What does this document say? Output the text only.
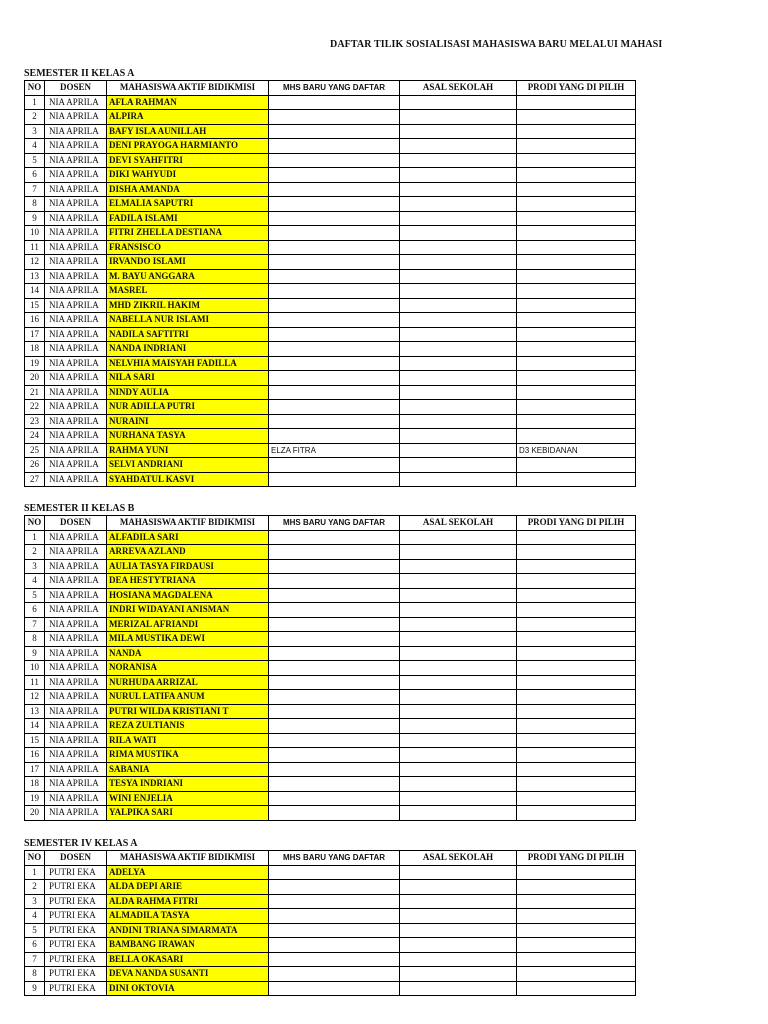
DAFTAR TILIK SOSIALISASI MAHASISWA BARU MELALUI MAHASI
SEMESTER II KELAS A
NO	DOSEN	MAHASISWA AKTIF BIDIKMISI	MHS BARU YANG DAFTAR	ASAL SEKOLAH	PRODI YANG DI PILIH
1	NIA APRILA	AFLA RAHMAN			
2	NIA APRILA	ALPIRA			
3	NIA APRILA	BAFY ISLA AUNILLAH			
4	NIA APRILA	DENI PRAYOGA HARMIANTO			
5	NIA APRILA	DEVI SYAHFITRI			
6	NIA APRILA	DIKI WAHYUDI			
7	NIA APRILA	DISHA AMANDA			
8	NIA APRILA	ELMALIA SAPUTRI			
9	NIA APRILA	FADILA ISLAMI			
10	NIA APRILA	FITRI ZHELLA DESTIANA			
11	NIA APRILA	FRANSISCO			
12	NIA APRILA	IRVANDO ISLAMI			
13	NIA APRILA	M. BAYU ANGGARA			
14	NIA APRILA	MASREL			
15	NIA APRILA	MHD ZIKRIL HAKIM			
16	NIA APRILA	NABELLA NUR ISLAMI			
17	NIA APRILA	NADILA SAFTITRI			
18	NIA APRILA	NANDA INDRIANI			
19	NIA APRILA	NELVHIA MAISYAH FADILLA			
20	NIA APRILA	NILA SARI			
21	NIA APRILA	NINDY AULIA			
22	NIA APRILA	NUR ADILLA PUTRI			
23	NIA APRILA	NURAINI			
24	NIA APRILA	NURHANA TASYA			
25	NIA APRILA	RAHMA YUNI	ELZA FITRA		D3 KEBIDANAN
26	NIA APRILA	SELVI ANDRIANI			
27	NIA APRILA	SYAHDATUL KASVI			
SEMESTER II KELAS B
NO	DOSEN	MAHASISWA AKTIF BIDIKMISI	MHS BARU YANG DAFTAR	ASAL SEKOLAH	PRODI YANG DI PILIH
1	NIA APRILA	ALFADILA SARI			
2	NIA APRILA	ARREVA AZLAND			
3	NIA APRILA	AULIA TASYA FIRDAUSI			
4	NIA APRILA	DEA HESTYTRIANA			
5	NIA APRILA	HOSIANA MAGDALENA			
6	NIA APRILA	INDRI WIDAYANI ANISMAN			
7	NIA APRILA	MERIZAL AFRIANDI			
8	NIA APRILA	MILA MUSTIKA DEWI			
9	NIA APRILA	NANDA			
10	NIA APRILA	NORANISA			
11	NIA APRILA	NURHUDA ARRIZAL			
12	NIA APRILA	NURUL LATIFA ANUM			
13	NIA APRILA	PUTRI WILDA KRISTIANI T			
14	NIA APRILA	REZA ZULTIANIS			
15	NIA APRILA	RILA WATI			
16	NIA APRILA	RIMA MUSTIKA			
17	NIA APRILA	SABANIA			
18	NIA APRILA	TESYA INDRIANI			
19	NIA APRILA	WINI ENJELIA			
20	NIA APRILA	YALPIKA SARI			
SEMESTER IV KELAS A
NO	DOSEN	MAHASISWA AKTIF BIDIKMISI	MHS BARU YANG DAFTAR	ASAL SEKOLAH	PRODI YANG DI PILIH
1	PUTRI EKA	ADELYA			
2	PUTRI EKA	ALDA DEPI ARIE			
3	PUTRI EKA	ALDA RAHMA FITRI			
4	PUTRI EKA	ALMADILA TASYA			
5	PUTRI EKA	ANDINI TRIANA SIMARMATA			
6	PUTRI EKA	BAMBANG IRAWAN			
7	PUTRI EKA	BELLA OKASARI			
8	PUTRI EKA	DEVA NANDA SUSANTI			
9	PUTRI EKA	DINI OKTOVIA			
